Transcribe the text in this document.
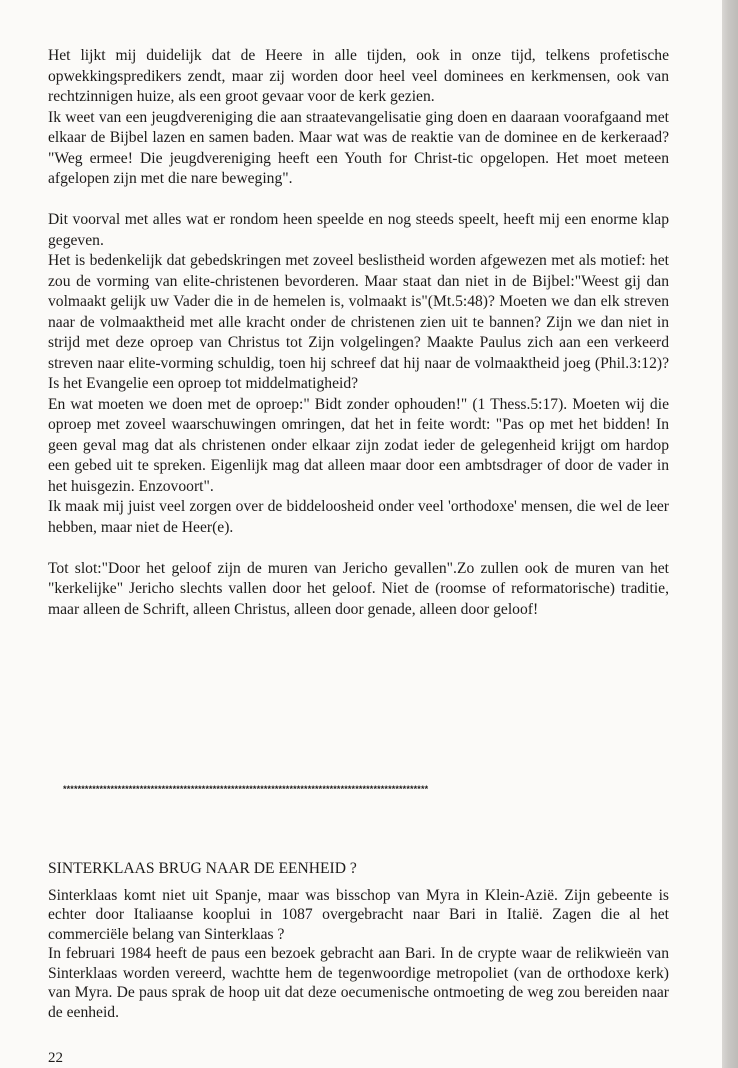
Het lijkt mij duidelijk dat de Heere in alle tijden, ook in onze tijd, telkens profetische opwekkingspredikers zendt, maar zij worden door heel veel dominees en kerkmensen, ook van rechtzinnigen huize, als een groot gevaar voor de kerk gezien.

Ik weet van een jeugdvereniging die aan straatevangelisatie ging doen en daaraan voorafgaand met elkaar de Bijbel lazen en samen baden. Maar wat was de reaktie van de dominee en de kerkeraad? "Weg ermee! Die jeugdvereniging heeft een Youth for Christ-tic opgelopen. Het moet meteen afgelopen zijn met die nare beweging".

Dit voorval met alles wat er rondom heen speelde en nog steeds speelt, heeft mij een enorme klap gegeven.

Het is bedenkelijk dat gebedskringen met zoveel beslistheid worden afgewezen met als motief: het zou de vorming van elite-christenen bevorderen. Maar staat dan niet in de Bijbel:"Weest gij dan volmaakt gelijk uw Vader die in de hemelen is, volmaakt is"(Mt.5:48)? Moeten we dan elk streven naar de volmaaktheid met alle kracht onder de christenen zien uit te bannen? Zijn we dan niet in strijd met deze oproep van Christus tot Zijn volgelingen? Maakte Paulus zich aan een verkeerd streven naar elite-vorming schuldig, toen hij schreef dat hij naar de volmaaktheid joeg (Phil.3:12)? Is het Evangelie een oproep tot middelmatigheid?

En wat moeten we doen met de oproep:" Bidt zonder ophouden!" (1 Thess.5:17). Moeten wij die oproep met zoveel waarschuwingen omringen, dat het in feite wordt: "Pas op met het bidden! In geen geval mag dat als christenen onder elkaar zijn zodat ieder de gelegenheid krijgt om hardop een gebed uit te spreken. Eigenlijk mag dat alleen maar door een ambtsdrager of door de vader in het huisgezin. Enzovoort".

Ik maak mij juist veel zorgen over de biddeloosheid onder veel 'orthodoxe' mensen, die wel de leer hebben, maar niet de Heer(e).

Tot slot:"Door het geloof zijn de muren van Jericho gevallen".Zo zullen ook de muren van het "kerkelijke" Jericho slechts vallen door het geloof. Niet de (roomse of reformatorische) traditie, maar alleen de Schrift, alleen Christus, alleen door genade, alleen door geloof!

****************************************************************************************************
SINTERKLAAS BRUG NAAR DE EENHEID ?

Sinterklaas komt niet uit Spanje, maar was bisschop van Myra in Klein-Azië. Zijn gebeente is echter door Italiaanse kooplui in 1087 overgebracht naar Bari in Italië. Zagen die al het commerciële belang van Sinterklaas ?

In februari 1984 heeft de paus een bezoek gebracht aan Bari. In de crypte waar de relikwieën van Sinterklaas worden vereerd, wachtte hem de tegenwoordige metropoliet (van de orthodoxe kerk) van Myra. De paus sprak de hoop uit dat deze oecumenische ontmoeting de weg zou bereiden naar de eenheid.

22
